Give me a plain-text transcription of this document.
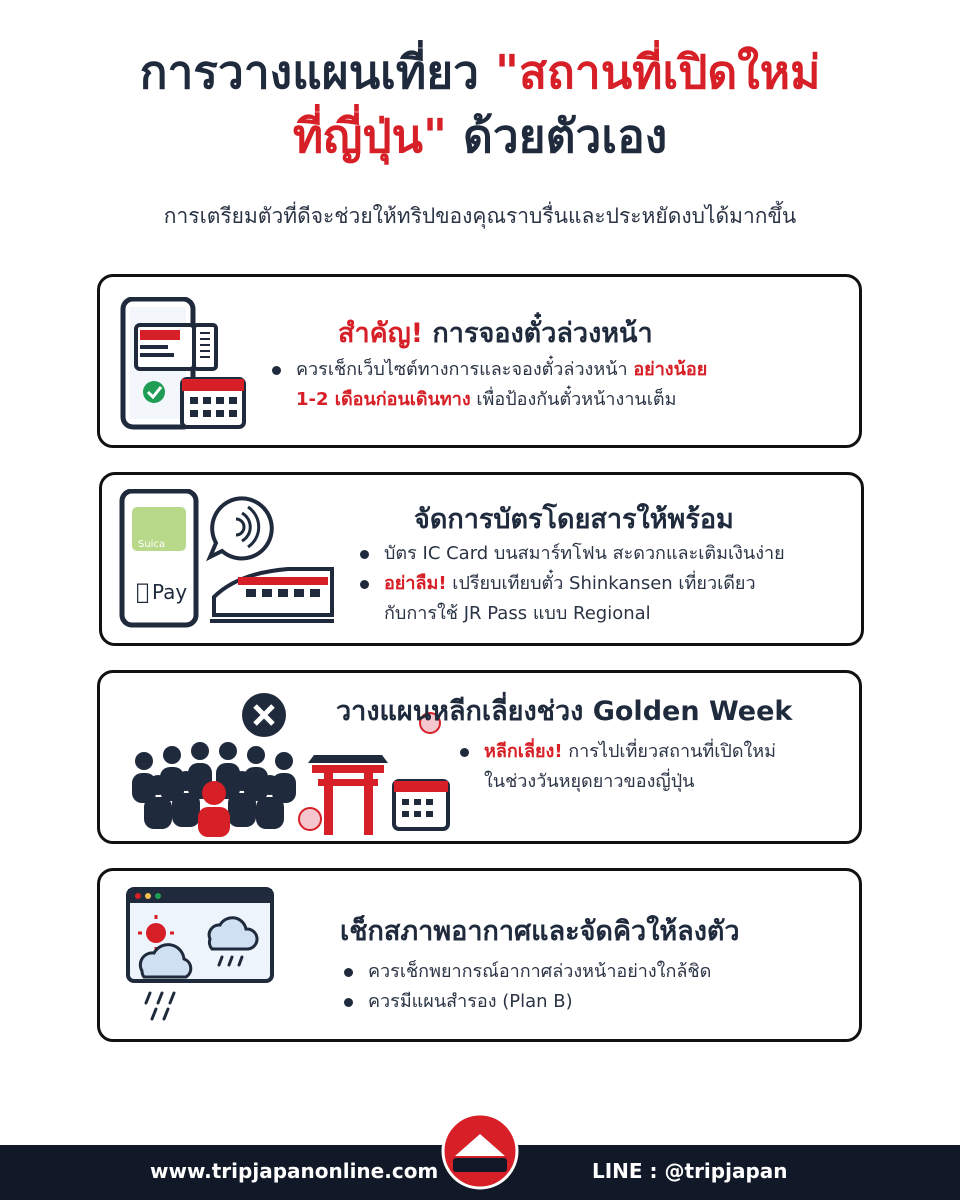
การวางแผนเที่ยว "สถานที่เปิดใหม่
ที่ญี่ปุ่น" ด้วยตัวเอง
การเตรียมตัวที่ดีจะช่วยให้ทริปของคุณราบรื่นและประหยัดงบได้มากขึ้น
สำคัญ! การจองตั๋วล่วงหน้า
ควรเช็กเว็บไซต์ทางการและจองตั๋วล่วงหน้า อย่างน้อย
1-2 เดือนก่อนเดินทาง เพื่อป้องกันตั๋วหน้างานเต็ม
Suica
Pay
จัดการบัตรโดยสารให้พร้อม
บัตร IC Card บนสมาร์ทโฟน สะดวกและเติมเงินง่าย
อย่าลืม! เปรียบเทียบตั๋ว Shinkansen เที่ยวเดียว
กับการใช้ JR Pass แบบ Regional
วางแผนหลีกเลี่ยงช่วง Golden Week
หลีกเลี่ยง! การไปเที่ยวสถานที่เปิดใหม่
ในช่วงวันหยุดยาวของญี่ปุ่น
เช็กสภาพอากาศและจัดคิวให้ลงตัว
ควรเช็กพยากรณ์อากาศล่วงหน้าอย่างใกล้ชิด
ควรมีแผนสำรอง (Plan B)
www.tripjapanonline.com	LINE : @tripjapan
